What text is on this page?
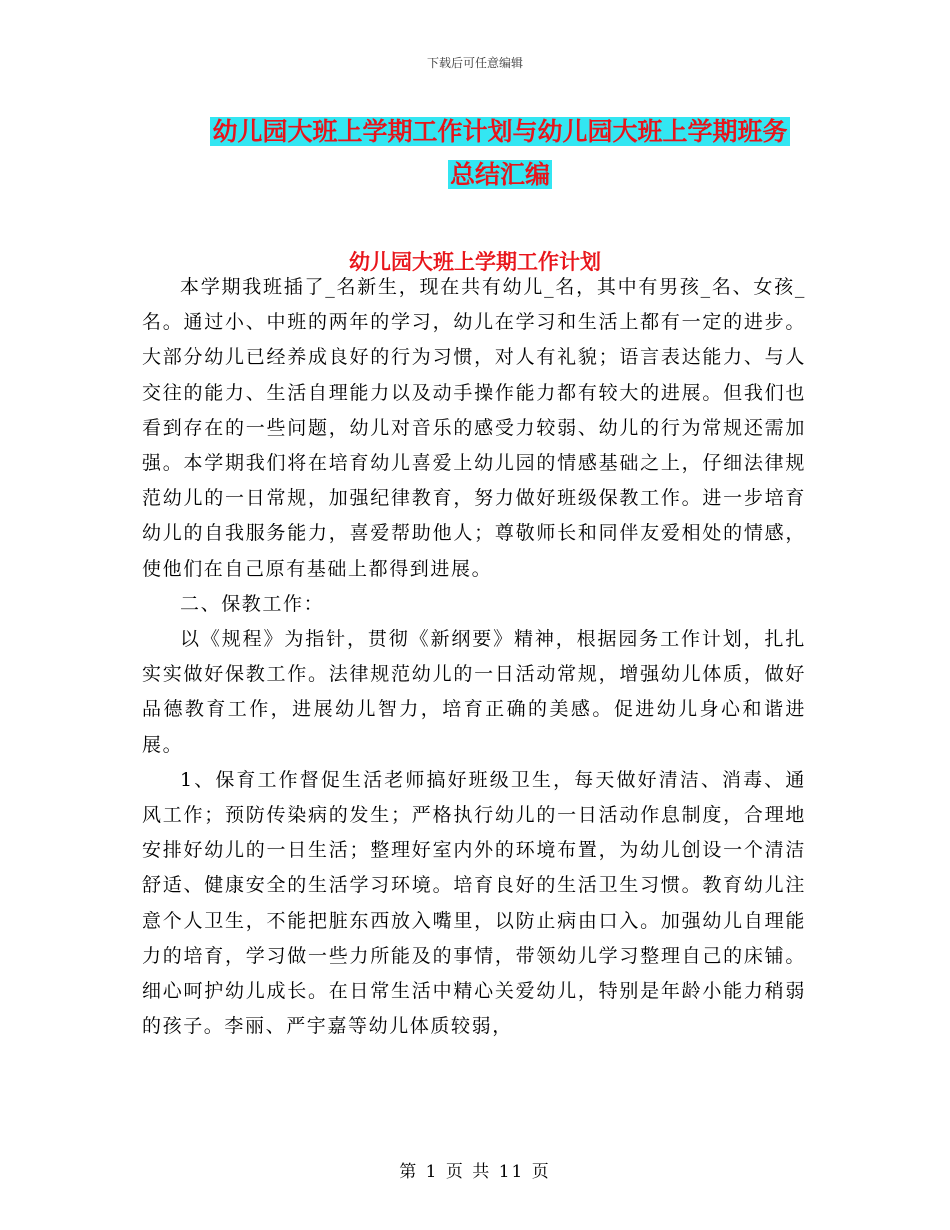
下载后可任意编辑
幼儿园大班上学期工作计划与幼儿园大班上学期班务
总结汇编
幼儿园大班上学期工作计划

本学期我班插了_名新生，现在共有幼儿_名，其中有男孩_名、女孩_名。通过小、中班的两年的学习，幼儿在学习和生活上都有一定的进步。大部分幼儿已经养成良好的行为习惯，对人有礼貌；语言表达能力、与人交往的能力、生活自理能力以及动手操作能力都有较大的进展。但我们也看到存在的一些问题，幼儿对音乐的感受力较弱、幼儿的行为常规还需加强。本学期我们将在培育幼儿喜爱上幼儿园的情感基础之上，仔细法律规范幼儿的一日常规，加强纪律教育，努力做好班级保教工作。进一步培育幼儿的自我服务能力，喜爱帮助他人；尊敬师长和同伴友爱相处的情感，使他们在自己原有基础上都得到进展。

二、保教工作：

以《规程》为指针，贯彻《新纲要》精神，根据园务工作计划，扎扎实实做好保教工作。法律规范幼儿的一日活动常规，增强幼儿体质，做好品德教育工作，进展幼儿智力，培育正确的美感。促进幼儿身心和谐进展。

1、保育工作督促生活老师搞好班级卫生，每天做好清洁、消毒、通风工作；预防传染病的发生；严格执行幼儿的一日活动作息制度，合理地安排好幼儿的一日生活；整理好室内外的环境布置，为幼儿创设一个清洁舒适、健康安全的生活学习环境。培育良好的生活卫生习惯。教育幼儿注意个人卫生，不能把脏东西放入嘴里，以防止病由口入。加强幼儿自理能力的培育，学习做一些力所能及的事情，带领幼儿学习整理自己的床铺。细心呵护幼儿成长。在日常生活中精心关爱幼儿，特别是年龄小能力稍弱的孩子。李丽、严宇嘉等幼儿体质较弱，

第 1 页 共 11 页
